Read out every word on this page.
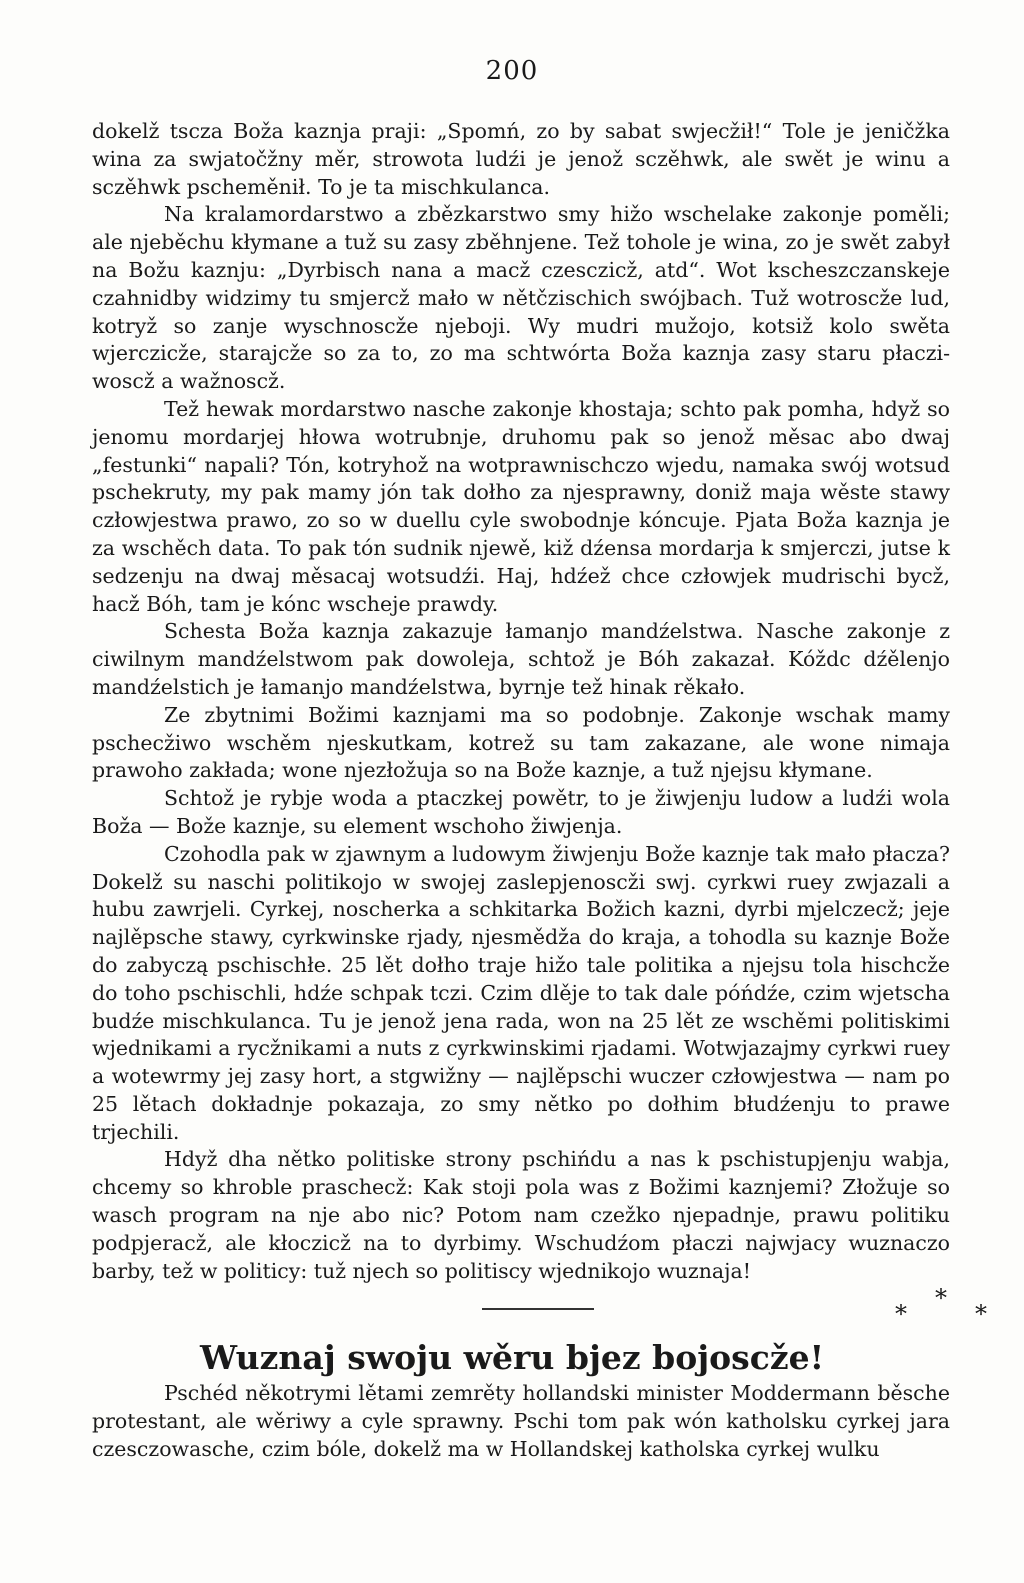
200

dokelž tscza Boža kaznja praji: „Spomń, zo by sabat swjecžił!“ Tole je jeničžka wina za swjatočžny měr, strowota ludźi je jenož sczěhwk, ale swět je winu a sczěhwk pscheměnił. To je ta mischkulanca.

Na kralamordarstwo a zbězkarstwo smy hižo wschelake zakonje poměli; ale njeběchu kłymane a tuž su zasy zběhnjene. Tež tohole je wina, zo je swět zabył na Božu kaznju: „Dyrbisch nana a macž czesczicž, atd“. Wot kscheszczanskeje czahnidby widzimy tu smjercž mało w nětčzischich swójbach. Tuž wotroscže lud, kotryž so zanje wyschnoscže njeboji. Wy mudri mužojo, kotsiž kolo swěta wjerczicže, starajcže so za to, zo ma schtwórta Boža kaznja zasy staru płaczi-woscž a wažnoscž.

Tež hewak mordarstwo nasche zakonje khostaja; schto pak pomha, hdyž so jenomu mordarjej hłowa wotrubnje, druhomu pak so jenož měsac abo dwaj „festunki“ napali? Tón, kotryhož na wotprawnischczo wjedu, namaka swój wotsud pschekruty, my pak mamy jón tak dołho za njesprawny, doniž maja wěste stawy człowjestwa prawo, zo so w duellu cyle swobodnje kóncuje. Pjata Boža kaznja je za wschěch data. To pak tón sudnik njewě, kiž dźensa mordarja k smjerczi, jutse k sedzenju na dwaj měsacaj wotsudźi. Haj, hdźež chce człowjek mudrischi bycž, hacž Bóh, tam je kónc wscheje prawdy.

Schesta Boža kaznja zakazuje łamanjo mandźelstwa. Nasche zakonje z ciwilnym mandźelstwom pak dowoleja, schtož je Bóh zakazał. Kóždc dźělenjo mandźelstich je łamanjo mandźelstwa, byrnje tež hinak rěkało.

Ze zbytnimi Božimi kaznjami ma so podobnje. Zakonje wschak mamy pschecžiwo wschěm njeskutkam, kotrež su tam zakazane, ale wone nimaja prawoho zakłada; wone njezłožuja so na Bože kaznje, a tuž njejsu kłymane.

Schtož je rybje woda a ptaczkej powětr, to je žiwjenju ludow a ludźi wola Boža — Bože kaznje, su element wschoho žiwjenja.

Czohodla pak w zjawnym a ludowym žiwjenju Bože kaznje tak mało płacza? Dokelž su naschi politikojo w swojej zaslepjenoscži swj. cyrkwi ruey zwjazali a hubu zawrjeli. Cyrkej, noscherka a schkitarka Božich kazni, dyrbi mjelczecž; jeje najlěpsche stawy, cyrkwinske rjady, njesmědža do kraja, a tohodla su kaznje Bože do zabyczą pschischłe. 25 lět dołho traje hižo tale politika a njejsu tola hischcže do toho pschischli, hdźe schpak tczi. Czim dlěje to tak dale póńdźe, czim wjetscha budźe mischkulanca. Tu je jenož jena rada, won na 25 lět ze wschěmi politiskimi wjednikami a rycžnikami a nuts z cyrkwinskimi rjadami. Wotwjazajmy cyrkwi ruey a wotewrmy jej zasy hort, a stgwižny — najlěpschi wuczer człowjestwa — nam po 25 lětach dokładnje pokazaja, zo smy nětko po dołhim błudźenju to prawe trjechili.

Hdyž dha nětko politiske strony pschińdu a nas k pschistupjenju wabja, chcemy so khroble praschecž: Kak stoji pola was z Božimi kaznjemi? Złožuje so wasch program na nje abo nic? Potom nam czežko njepadnje, prawu politiku podpjeracž, ale kłoczicž na to dyrbimy. Wschudźom płaczi najwjacy wuznaczo barby, tež w politicy: tuž njech so politiscy wjednikojo wuznaja!

*
*
*
Wuznaj swoju wěru bjez bojoscže!

Pschéd někotrymi lětami zemrěty hollandski minister Moddermann běsche protestant, ale wěriwy a cyle sprawny. Pschi tom pak wón katholsku cyrkej jara czesczowasche, czim bóle, dokelž ma w Hollandskej katholska cyrkej wulku
